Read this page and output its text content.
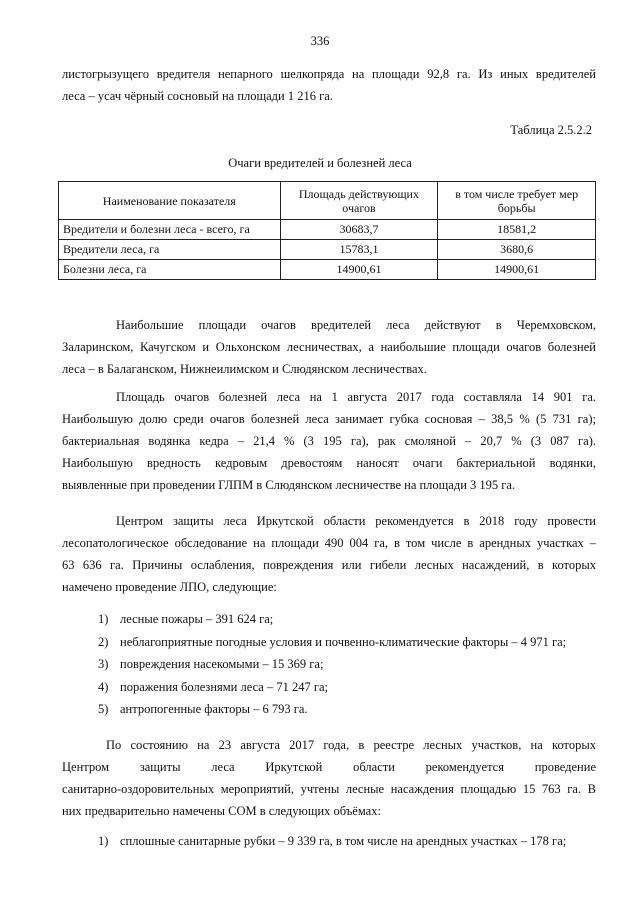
336
листогрызущего вредителя непарного шелкопряда на площади 92,8 га. Из иных вредителей
леса – усач чёрный сосновый на площади 1 216 га.
Таблица 2.5.2.2
Очаги вредителей и болезней леса
Наименование показателя	Площадь действующих очагов	в том числе требует мер борьбы
Вредители и болезни леса - всего, га	30683,7	18581,2
Вредители леса, га	15783,1	3680,6
Болезни леса, га	14900,61	14900,61
Наибольшие площади очагов вредителей леса действуют в Черемховском,
Заларинском, Качугском и Ольхонском лесничествах, а наибольшие площади очагов болезней
леса – в Балаганском, Нижнеилимском и Слюдянском лесничествах.
Площадь очагов болезней леса на 1 августа 2017 года составляла 14 901 га.
Наибольшую долю среди очагов болезней леса занимает губка сосновая – 38,5 % (5 731 га);
бактериальная водянка кедра – 21,4 % (3 195 га), рак смоляной – 20,7 % (3 087 га).
Наибольшую вредность кедровым древостоям наносят очаги бактериальной водянки,
выявленные при проведении ГЛПМ в Слюдянском лесничестве на площади 3 195 га.
Центром защиты леса Иркутской области рекомендуется в 2018 году провести
лесопатологическое обследование на площади 490 004 га, в том числе в арендных участках –
63 636 га. Причины ослабления, повреждения или гибели лесных насаждений, в которых
намечено проведение ЛПО, следующие:
1) лесные пожары – 391 624 га;
2) неблагоприятные погодные условия и почвенно-климатические факторы – 4 971 га;
3) повреждения насекомыми – 15 369 га;
4) поражения болезнями леса – 71 247 га;
5) антропогенные факторы – 6 793 га.
По состоянию на 23 августа 2017 года, в реестре лесных участков, на которых
Центром защиты леса Иркутской области рекомендуется проведение
санитарно-оздоровительных мероприятий, учтены лесные насаждения площадью 15 763 га. В
них предварительно намечены СОМ в следующих объёмах:
1) сплошные санитарные рубки – 9 339 га, в том числе на арендных участках – 178 га;
